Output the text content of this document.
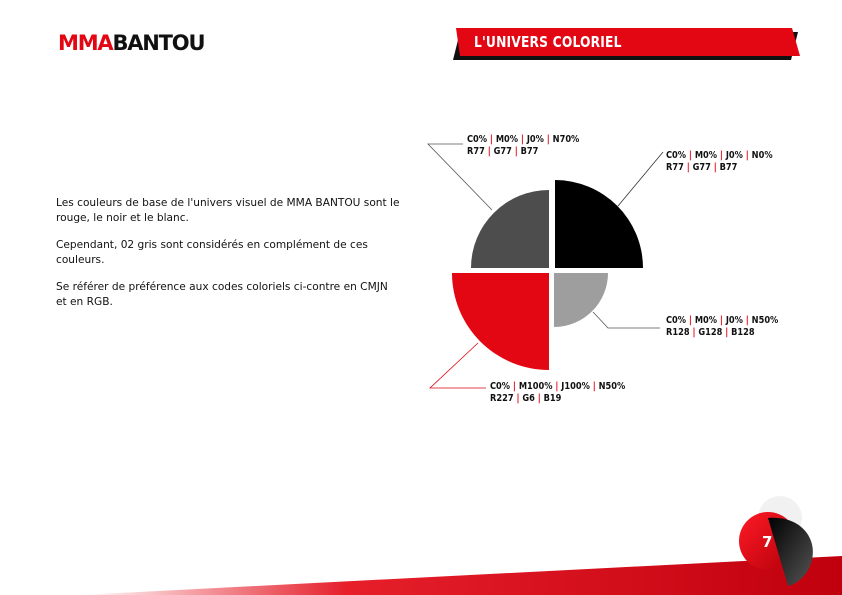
MMA BANTOU	L'UNIVERS COLORIEL

Les couleurs de base de l'univers visuel de MMA BANTOU sont le rouge, le noir et le blanc.

Cependant, 02 gris sont considérés en complément de ces couleurs.

Se référer de préférence aux codes coloriels ci-contre en CMJN et en RGB.

C0% | M0% | J0% | N70%
R77 | G77 | B77	C0% | M0% | J0% | N0%
R77 | G77 | B77
C0% | M0% | J0% | N50%
R128 | G128 | B128
C0% | M100% | J100% | N50%
R227 | G6 | B19
7
